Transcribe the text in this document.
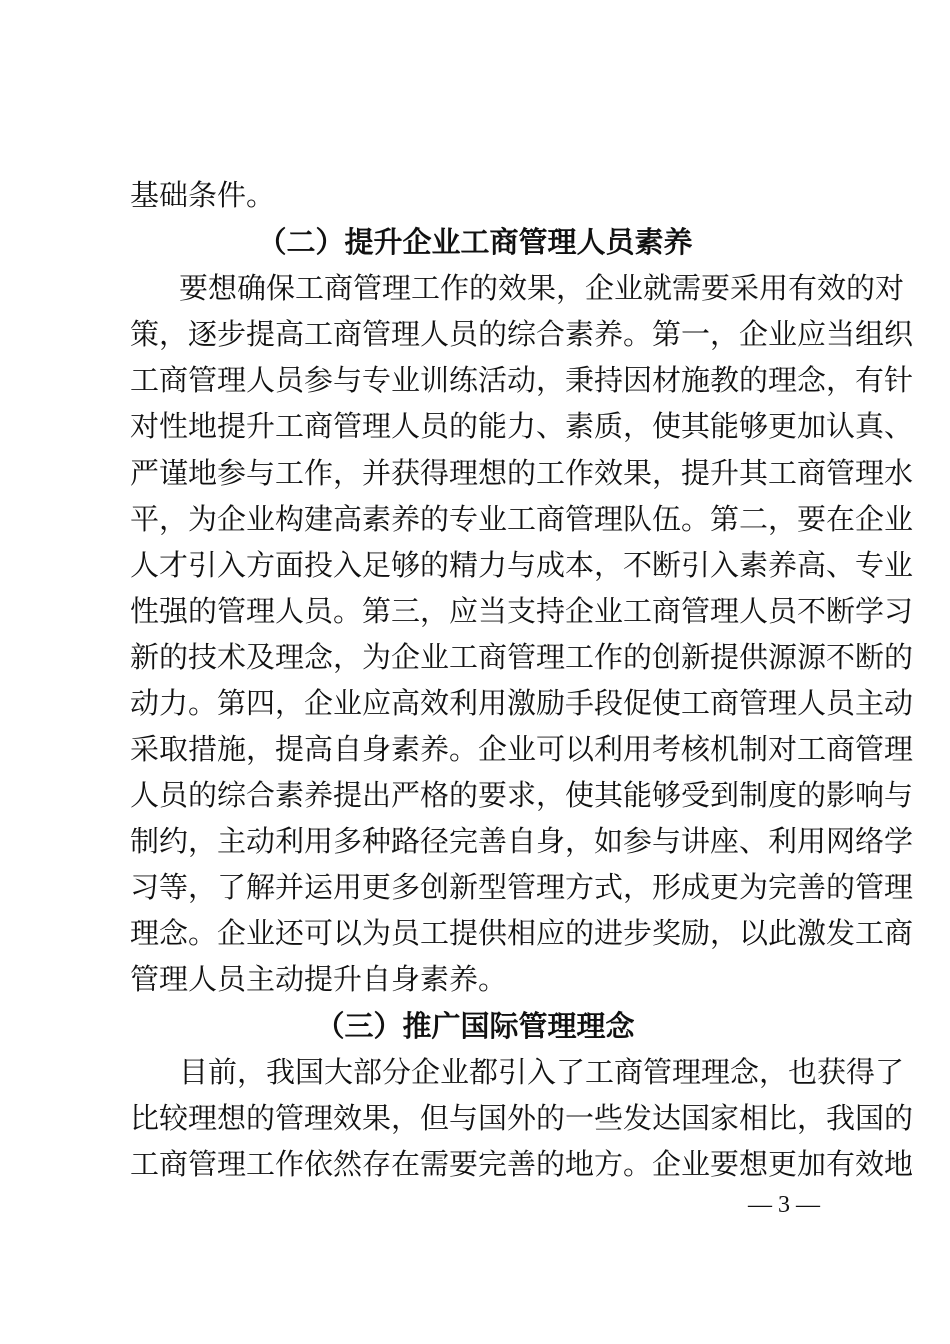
基础条件。
（二）提升企业工商管理人员素养
要想确保工商管理工作的效果，企业就需要采用有效的对
策，逐步提高工商管理人员的综合素养。第一，企业应当组织
工商管理人员参与专业训练活动，秉持因材施教的理念，有针
对性地提升工商管理人员的能力、素质，使其能够更加认真、
严谨地参与工作，并获得理想的工作效果，提升其工商管理水
平，为企业构建高素养的专业工商管理队伍。第二，要在企业
人才引入方面投入足够的精力与成本，不断引入素养高、专业
性强的管理人员。第三，应当支持企业工商管理人员不断学习
新的技术及理念，为企业工商管理工作的创新提供源源不断的
动力。第四，企业应高效利用激励手段促使工商管理人员主动
采取措施，提高自身素养。企业可以利用考核机制对工商管理
人员的综合素养提出严格的要求，使其能够受到制度的影响与
制约，主动利用多种路径完善自身，如参与讲座、利用网络学
习等，了解并运用更多创新型管理方式，形成更为完善的管理
理念。企业还可以为员工提供相应的进步奖励，以此激发工商
管理人员主动提升自身素养。
（三）推广国际管理理念
目前，我国大部分企业都引入了工商管理理念，也获得了
比较理想的管理效果，但与国外的一些发达国家相比，我国的
工商管理工作依然存在需要完善的地方。企业要想更加有效地
— 3 —
